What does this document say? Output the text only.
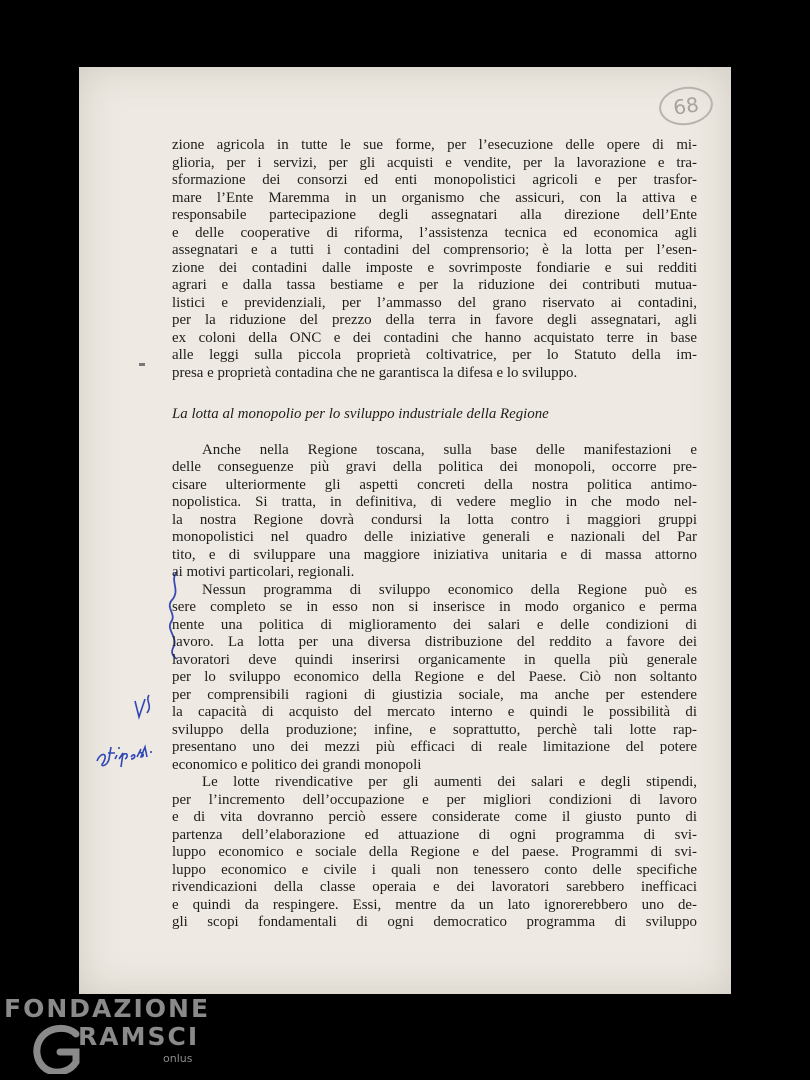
68
zione agricola in tutte le sue forme, per l’esecuzione delle opere di mi-
glioria, per i servizi, per gli acquisti e vendite, per la lavorazione e tra-
sformazione dei consorzi ed enti monopolistici agricoli e per trasfor-
mare l’Ente Maremma in un organismo che assicuri, con la attiva e
responsabile partecipazione degli assegnatari alla direzione dell’Ente
e delle cooperative di riforma, l’assistenza tecnica ed economica agli
assegnatari e a tutti i contadini del comprensorio; è la lotta per l’esen-
zione dei contadini dalle imposte e sovrimposte fondiarie e sui redditi
agrari e dalla tassa bestiame e per la riduzione dei contributi mutua-
listici e previdenziali, per l’ammasso del grano riservato ai contadini,
per la riduzione del prezzo della terra in favore degli assegnatari, agli
ex coloni della ONC e dei contadini che hanno acquistato terre in base
alle leggi sulla piccola proprietà coltivatrice, per lo Statuto della im-
presa e proprietà contadina che ne garantisca la difesa e lo sviluppo.
La lotta al monopolio per lo sviluppo industriale della Regione
Anche nella Regione toscana, sulla base delle manifestazioni e
delle conseguenze più gravi della politica dei monopoli, occorre pre-
cisare ulteriormente gli aspetti concreti della nostra politica antimo-
nopolistica. Si tratta, in definitiva, di vedere meglio in che modo nel-
la nostra Regione dovrà condursi la lotta contro i maggiori gruppi
monopolistici nel quadro delle iniziative generali e nazionali del Par
tito, e di sviluppare una maggiore iniziativa unitaria e di massa attorno
ai motivi particolari, regionali.
Nessun programma di sviluppo economico della Regione può es
sere completo se in esso non si inserisce in modo organico e perma
nente una politica di miglioramento dei salari e delle condizioni di
lavoro. La lotta per una diversa distribuzione del reddito a favore dei
lavoratori deve quindi inserirsi organicamente in quella più generale
per lo sviluppo economico della Regione e del Paese. Ciò non soltanto
per comprensibili ragioni di giustizia sociale, ma anche per estendere
la capacità di acquisto del mercato interno e quindi le possibilità di
sviluppo della produzione; infine, e soprattutto, perchè tali lotte rap-
presentano uno dei mezzi più efficaci di reale limitazione del potere
economico e politico dei grandi monopoli
Le lotte rivendicative per gli aumenti dei salari e degli stipendi,
per l’incremento dell’occupazione e per migliori condizioni di lavoro
e di vita dovranno perciò essere considerate come il giusto punto di
partenza dell’elaborazione ed attuazione di ogni programma di svi-
luppo economico e sociale della Regione e del paese. Programmi di svi-
luppo economico e civile i quali non tenessero conto delle specifiche
rivendicazioni della classe operaia e dei lavoratori sarebbero inefficaci
e quindi da respingere. Essi, mentre da un lato ignorerebbero uno de-
gli scopi fondamentali di ogni democratico programma di sviluppo
FONDAZIONE
RAMSCI
onlus
